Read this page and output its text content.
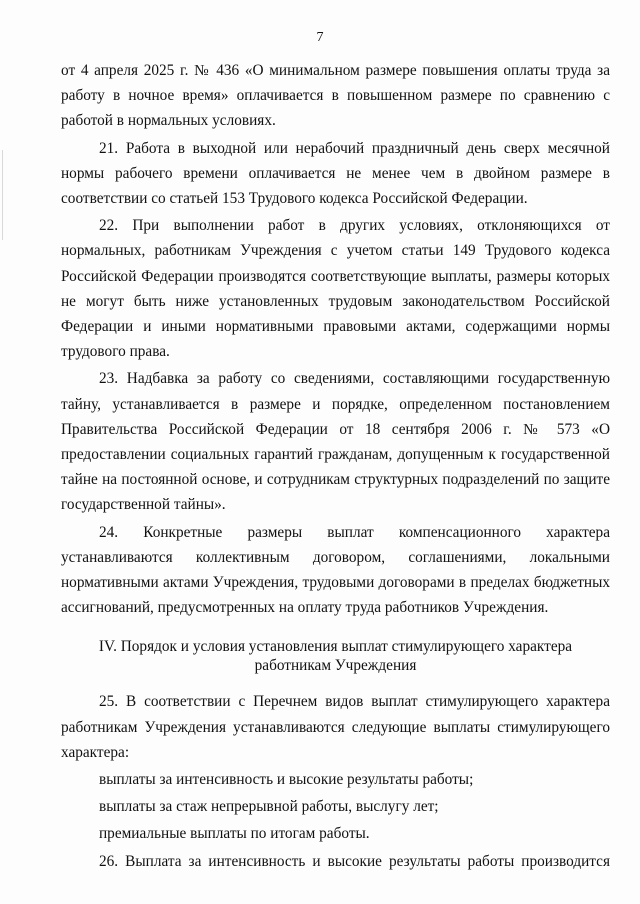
7

от 4 апреля 2025 г. № 436 «О минимальном размере повышения оплаты труда за работу в ночное время» оплачивается в повышенном размере по сравнению с работой в нормальных условиях.

21. Работа в выходной или нерабочий праздничный день сверх месячной нормы рабочего времени оплачивается не менее чем в двойном размере в соответствии со статьей 153 Трудового кодекса Российской Федерации.

22. При выполнении работ в других условиях, отклоняющихся от нормальных, работникам Учреждения с учетом статьи 149 Трудового кодекса Российской Федерации производятся соответствующие выплаты, размеры которых не могут быть ниже установленных трудовым законодательством Российской Федерации и иными нормативными правовыми актами, содержащими нормы трудового права.

23. Надбавка за работу со сведениями, составляющими государственную тайну, устанавливается в размере и порядке, определенном постановлением Правительства Российской Федерации от 18 сентября 2006 г. № 573 «О предоставлении социальных гарантий гражданам, допущенным к государственной тайне на постоянной основе, и сотрудникам структурных подразделений по защите государственной тайны».

24. Конкретные размеры выплат компенсационного характера устанавливаются коллективным договором, соглашениями, локальными нормативными актами Учреждения, трудовыми договорами в пределах бюджетных ассигнований, предусмотренных на оплату труда работников Учреждения.

IV. Порядок и условия установления выплат стимулирующего характера
работникам Учреждения

25. В соответствии с Перечнем видов выплат стимулирующего характера работникам Учреждения устанавливаются следующие выплаты стимулирующего характера:

выплаты за интенсивность и высокие результаты работы;

выплаты за стаж непрерывной работы, выслугу лет;

премиальные выплаты по итогам работы.

26. Выплата за интенсивность и высокие результаты работы производится
